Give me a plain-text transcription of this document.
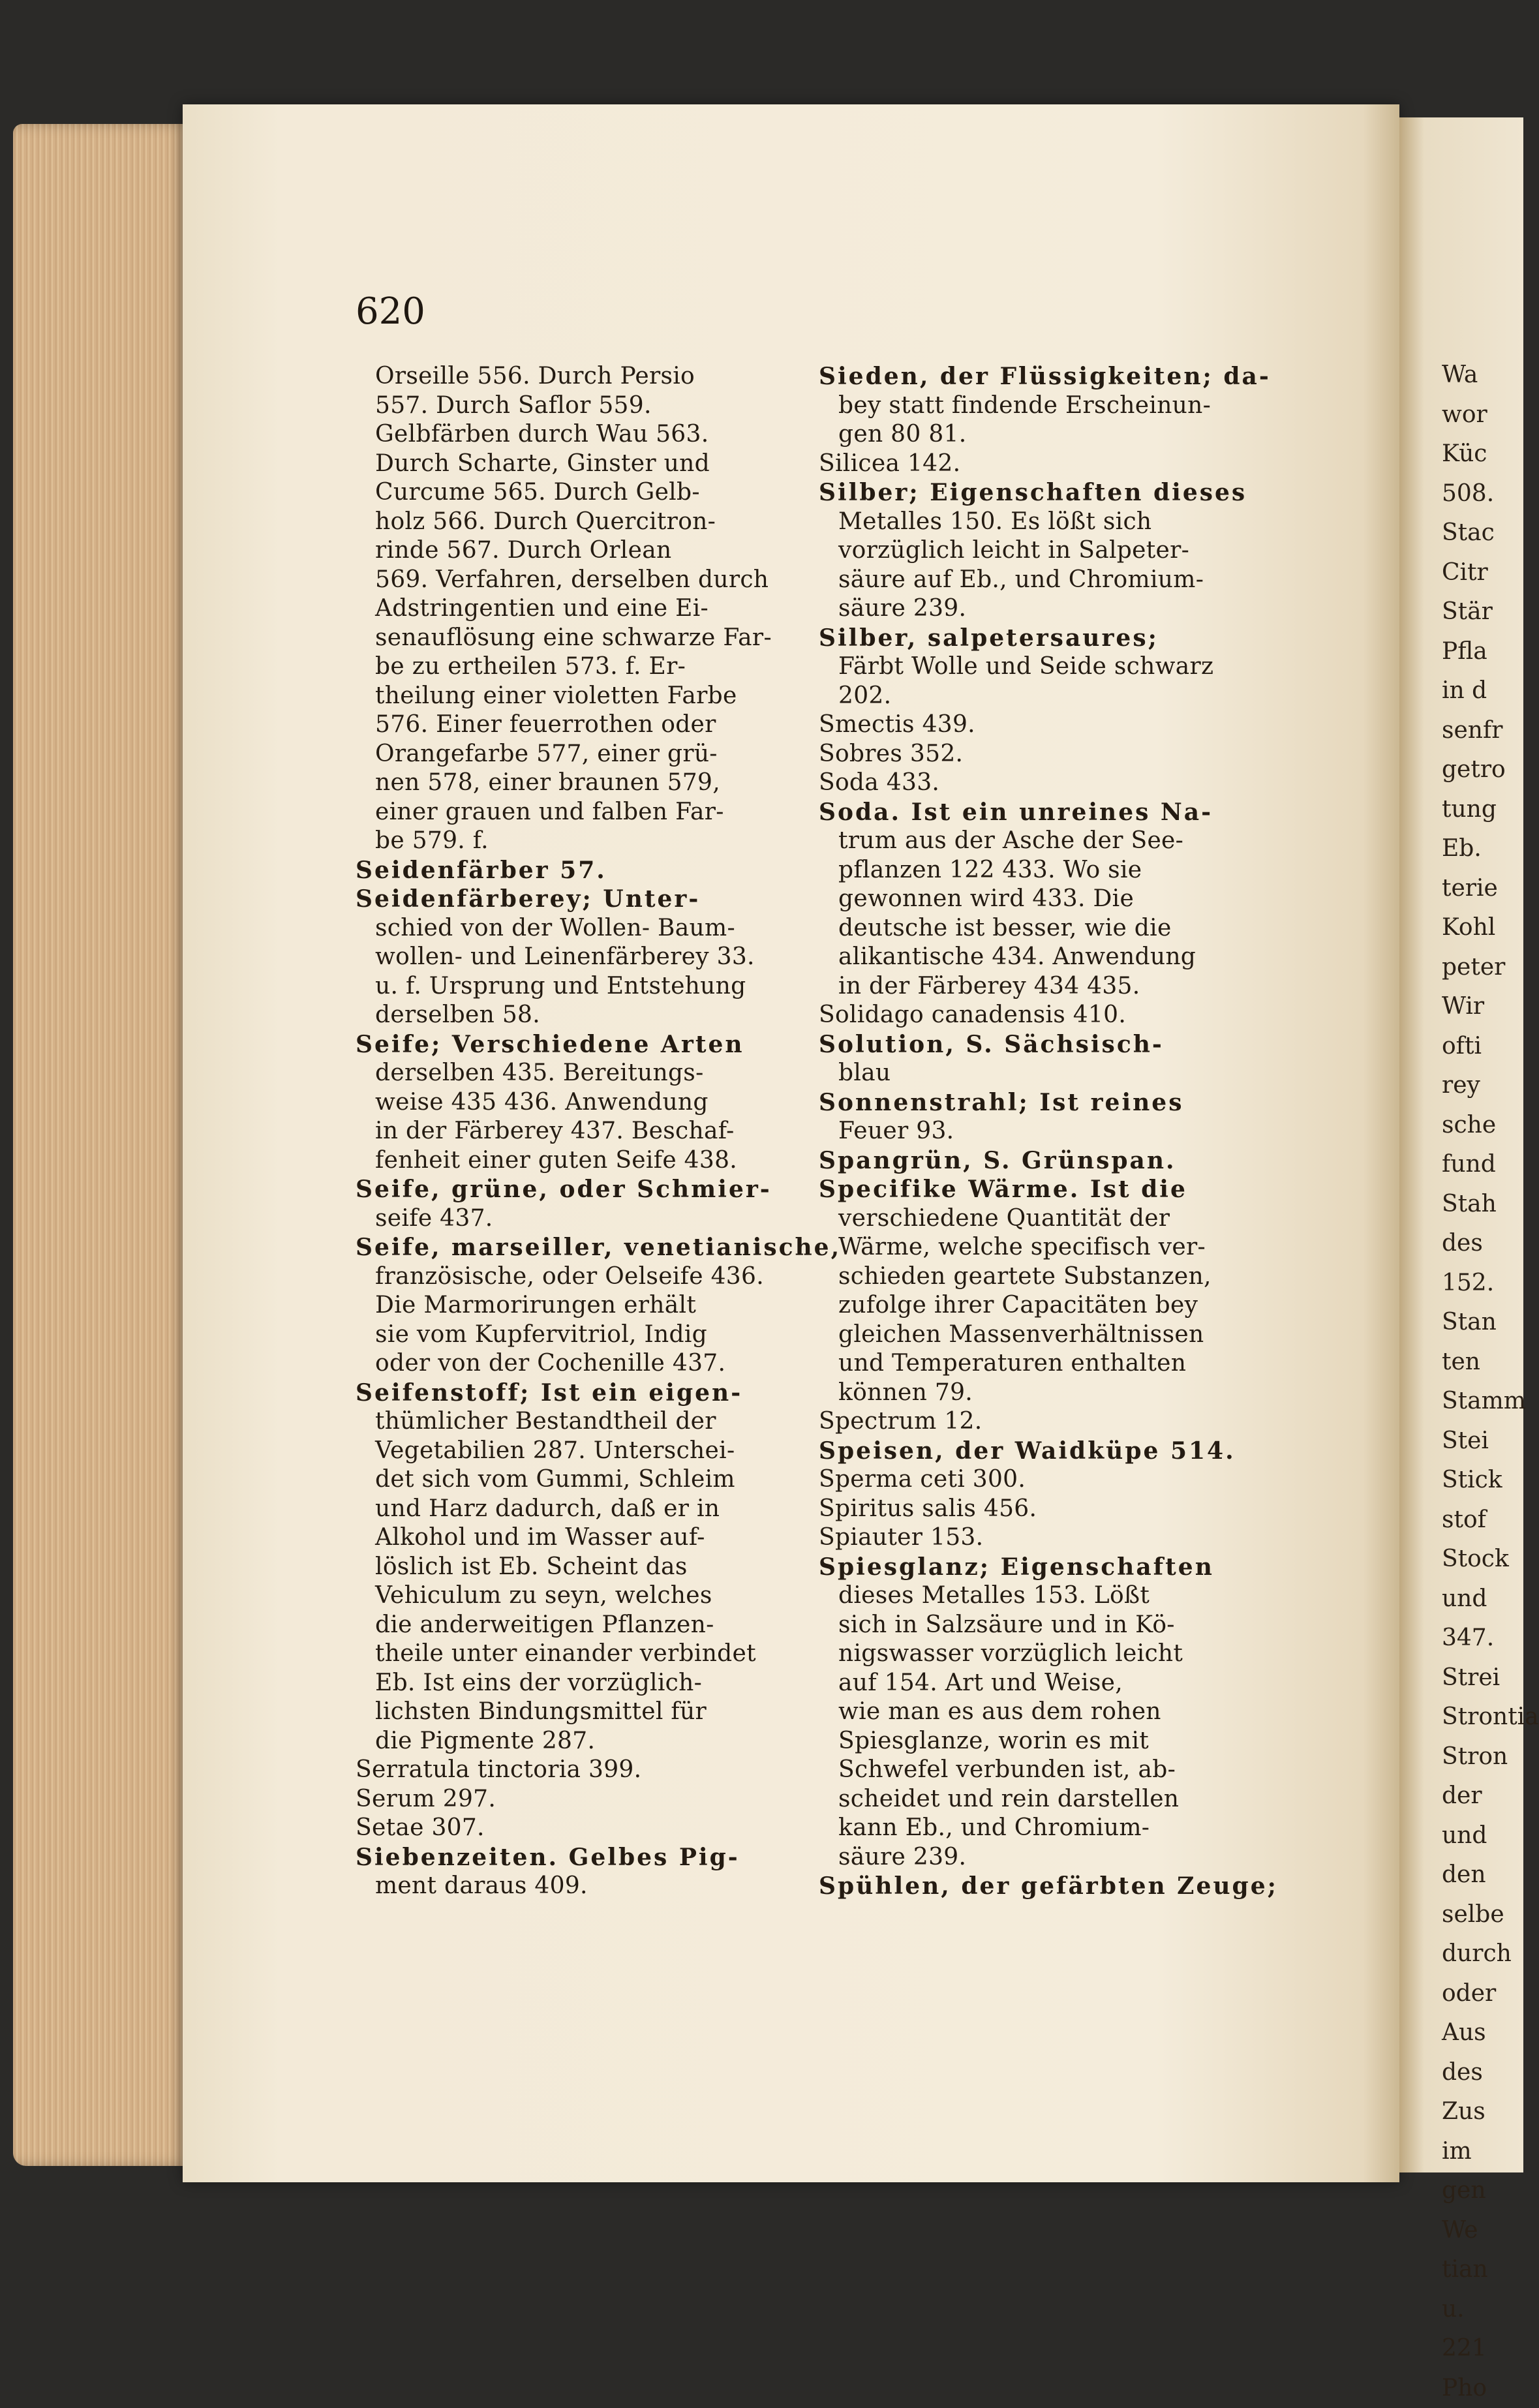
620
Orseille 556. Durch Persio
557. Durch Saflor 559.
Gelbfärben durch Wau 563.
Durch Scharte, Ginster und
Curcume 565. Durch Gelb-
holz 566. Durch Quercitron-
rinde 567. Durch Orlean
569. Verfahren, derselben durch
Adstringentien und eine Ei-
senauflösung eine schwarze Far-
be zu ertheilen 573. f. Er-
theilung einer violetten Farbe
576. Einer feuerrothen oder
Orangefarbe 577, einer grü-
nen 578, einer braunen 579,
einer grauen und falben Far-
be 579. f.
Seidenfärber 57.
Seidenfärberey; Unter-
schied von der Wollen- Baum-
wollen- und Leinenfärberey 33.
u. f. Ursprung und Entstehung
derselben 58.
Seife; Verschiedene Arten
derselben 435. Bereitungs-
weise 435 436. Anwendung
in der Färberey 437. Beschaf-
fenheit einer guten Seife 438.
Seife, grüne, oder Schmier-
seife 437.
Seife, marseiller, venetianische,
französische, oder Oelseife 436.
Die Marmorirungen erhält
sie vom Kupfervitriol, Indig
oder von der Cochenille 437.
Seifenstoff; Ist ein eigen-
thümlicher Bestandtheil der
Vegetabilien 287. Unterschei-
det sich vom Gummi, Schleim
und Harz dadurch, daß er in
Alkohol und im Wasser auf-
löslich ist Eb. Scheint das
Vehiculum zu seyn, welches
die anderweitigen Pflanzen-
theile unter einander verbindet
Eb. Ist eins der vorzüglich-
lichsten Bindungsmittel für
die Pigmente 287.
Serratula tinctoria 399.
Serum 297.
Setae 307.
Siebenzeiten. Gelbes Pig-
ment daraus 409.
Sieden, der Flüssigkeiten; da-
bey statt findende Erscheinun-
gen 80 81.
Silicea 142.
Silber; Eigenschaften dieses
Metalles 150. Es lößt sich
vorzüglich leicht in Salpeter-
säure auf Eb., und Chromium-
säure 239.
Silber, salpetersaures;
Färbt Wolle und Seide schwarz
202.
Smectis 439.
Sobres 352.
Soda 433.
Soda. Ist ein unreines Na-
trum aus der Asche der See-
pflanzen 122 433. Wo sie
gewonnen wird 433. Die
deutsche ist besser, wie die
alikantische 434. Anwendung
in der Färberey 434 435.
Solidago canadensis 410.
Solution, S. Sächsisch-
blau
Sonnenstrahl; Ist reines
Feuer 93.
Spangrün, S. Grünspan.
Specifike Wärme. Ist die
verschiedene Quantität der
Wärme, welche specifisch ver-
schieden geartete Substanzen,
zufolge ihrer Capacitäten bey
gleichen Massenverhältnissen
und Temperaturen enthalten
können 79.
Spectrum 12.
Speisen, der Waidküpe 514.
Sperma ceti 300.
Spiritus salis 456.
Spiauter 153.
Spiesglanz; Eigenschaften
dieses Metalles 153. Lößt
sich in Salzsäure und in Kö-
nigswasser vorzüglich leicht
auf 154. Art und Weise,
wie man es aus dem rohen
Spiesglanze, worin es mit
Schwefel verbunden ist, ab-
scheidet und rein darstellen
kann Eb., und Chromium-
säure 239.
Spühlen, der gefärbten Zeuge;
Wa
wor
Küc
508.
Stac
Citr
Stär
Pfla
in d
senfr
getro
tung
Eb.
terie
Kohl
peter
Wir
ofti
rey
sche
fund
Stah
des
152.
Stan
ten
Stamm
Stei
Stick
stof
Stock
und
347.
Strei
Strontia
Stron
der
und
den
selbe
durch
oder
Aus
des
Zus
im
gen
We
tian
u.
221
Pho
